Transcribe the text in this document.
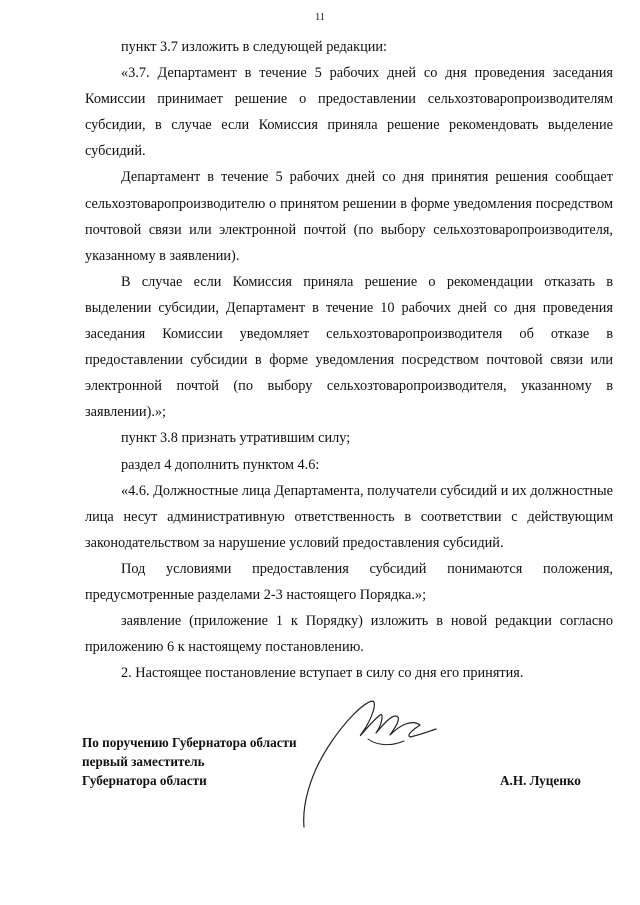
11

пункт 3.7 изложить в следующей редакции:

«3.7. Департамент в течение 5 рабочих дней со дня проведения заседания Комиссии принимает решение о предоставлении сельхозтоваропроизводителям субсидии, в случае если Комиссия приняла решение рекомендовать выделение субсидий.

Департамент в течение 5 рабочих дней со дня принятия решения сообщает сельхозтоваропроизводителю о принятом решении в форме уведомления посредством почтовой связи или электронной почтой (по выбору сельхозтоваропроизводителя, указанному в заявлении).

В случае если Комиссия приняла решение о рекомендации отказать в выделении субсидии, Департамент в течение 10 рабочих дней со дня проведения заседания Комиссии уведомляет сельхозтоваропроизводителя об отказе в предоставлении субсидии в форме уведомления посредством почтовой связи или электронной почтой (по выбору сельхозтоваропроизводителя, указанному в заявлении).»;

пункт 3.8 признать утратившим силу;

раздел 4 дополнить пунктом 4.6:

«4.6. Должностные лица Департамента, получатели субсидий и их должностные лица несут административную ответственность в соответствии с действующим законодательством за нарушение условий предоставления субсидий.

Под условиями предоставления субсидий понимаются положения, предусмотренные разделами 2-3 настоящего Порядка.»;

заявление (приложение 1 к Порядку) изложить в новой редакции согласно приложению 6 к настоящему постановлению.

2. Настоящее постановление вступает в силу со дня его принятия.

По поручению Губернатора области
первый заместитель
Губернатора области	А.Н. Луценко
